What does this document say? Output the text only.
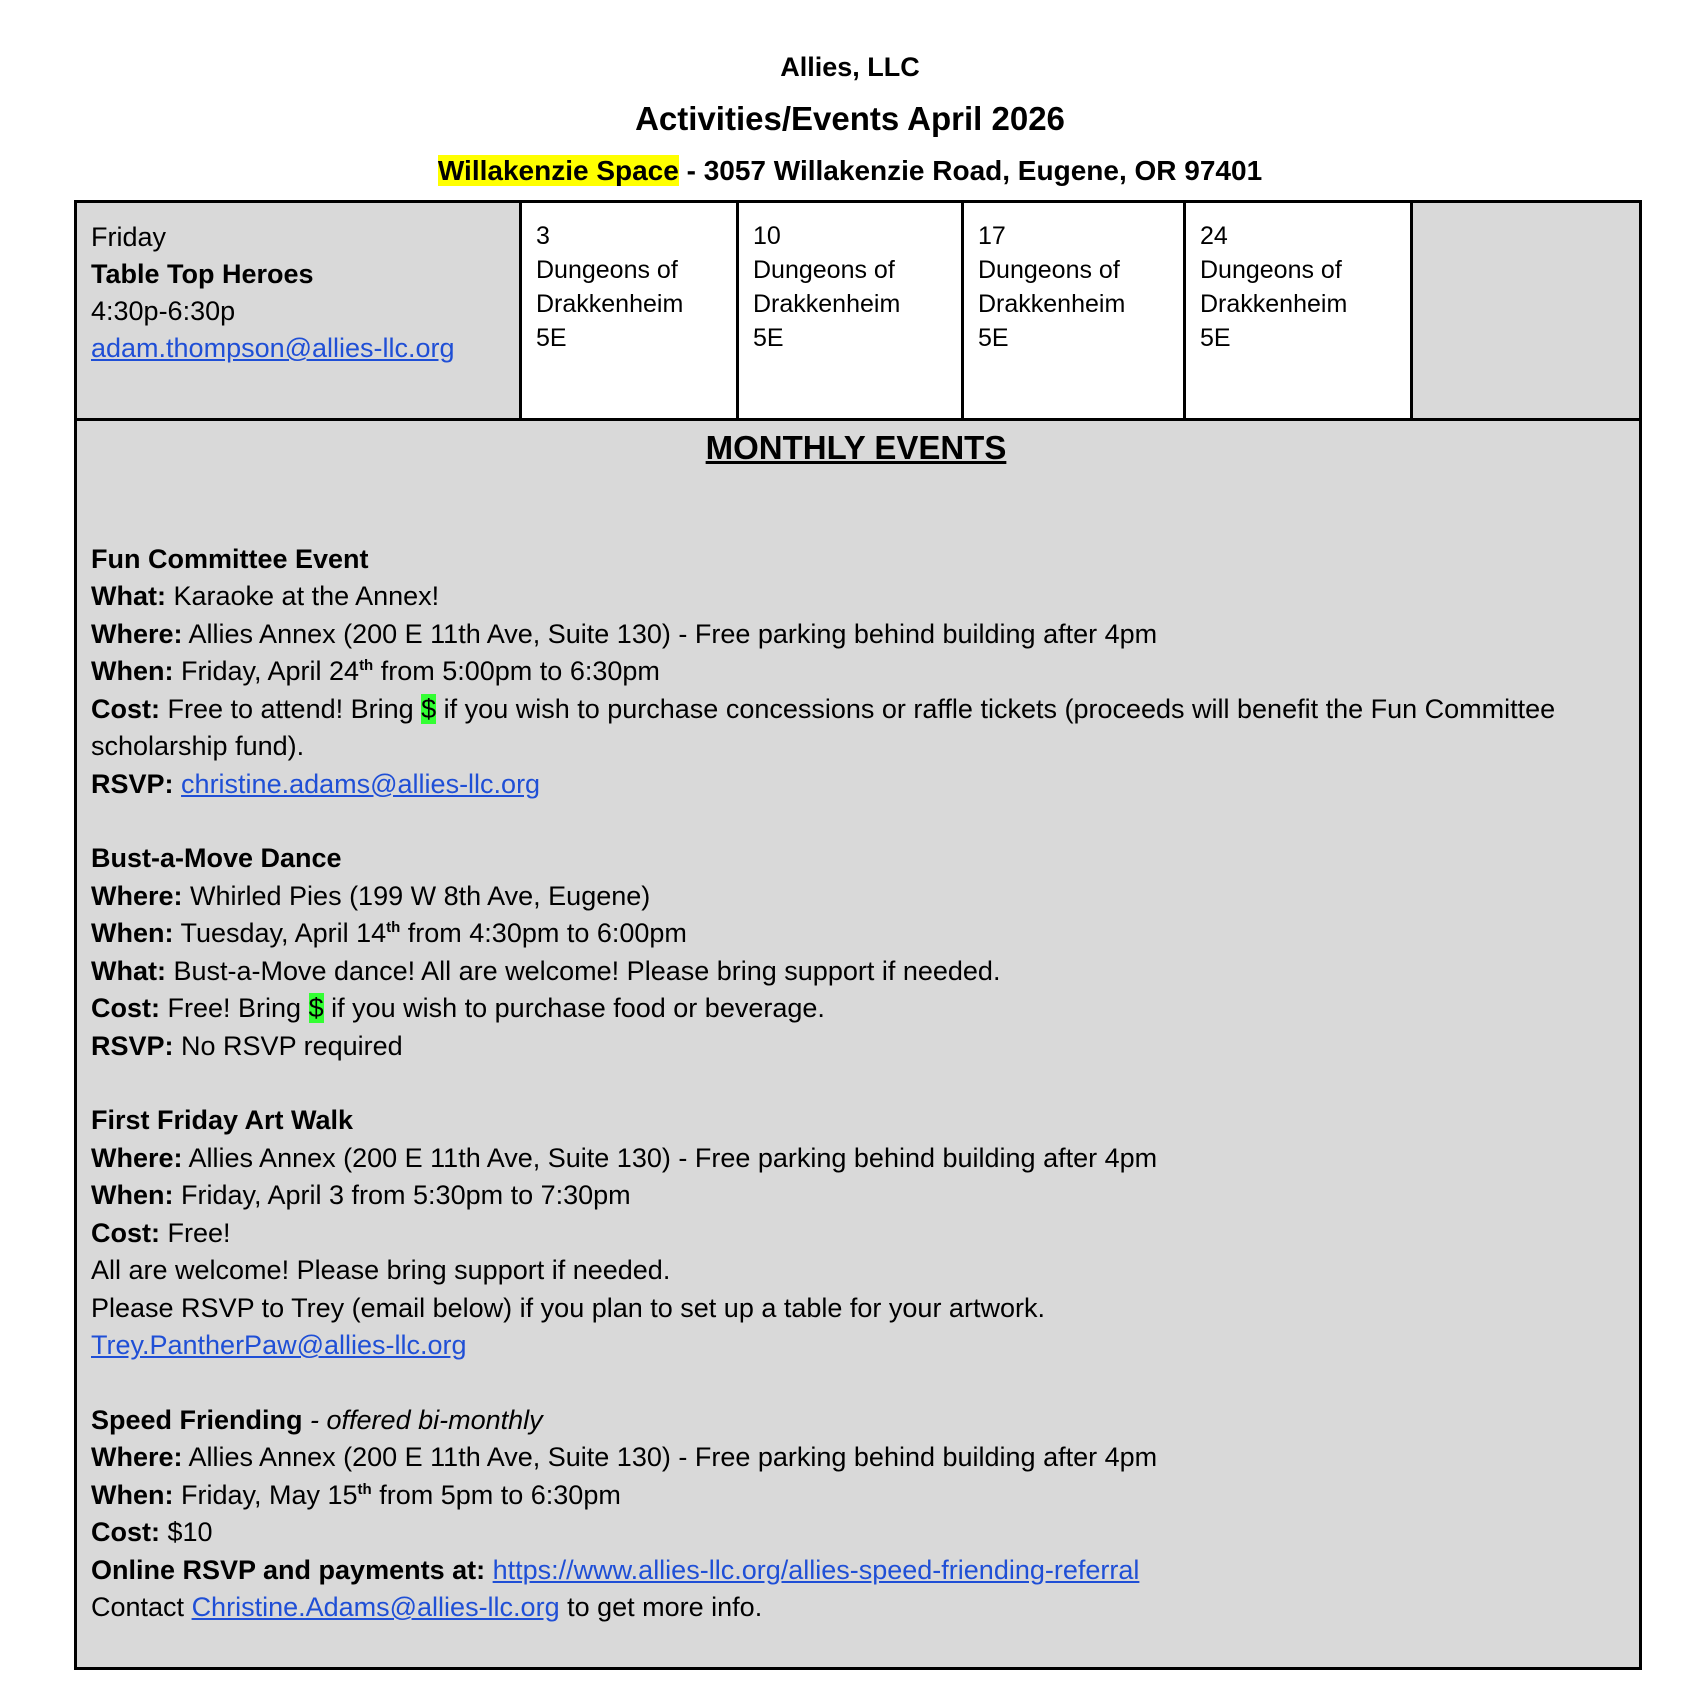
Allies, LLC
Activities/Events April 2026
Willakenzie Space - 3057 Willakenzie Road, Eugene, OR 97401
Friday
Table Top Heroes
4:30p-6:30p
adam.thompson@allies-llc.org

3
Dungeons of
Drakkenheim
5E

10
Dungeons of
Drakkenheim
5E

17
Dungeons of
Drakkenheim
5E

24
Dungeons of
Drakkenheim
5E

MONTHLY EVENTS
Fun Committee Event
What: Karaoke at the Annex!
Where: Allies Annex (200 E 11th Ave, Suite 130) - Free parking behind building after 4pm
When: Friday, April 24th from 5:00pm to 6:30pm
Cost: Free to attend! Bring $ if you wish to purchase concessions or raffle tickets (proceeds will benefit the Fun Committee scholarship fund).
RSVP: christine.adams@allies-llc.org
Bust-a-Move Dance
Where: Whirled Pies (199 W 8th Ave, Eugene)
When: Tuesday, April 14th from 4:30pm to 6:00pm
What: Bust-a-Move dance! All are welcome! Please bring support if needed.
Cost: Free! Bring $ if you wish to purchase food or beverage.
RSVP: No RSVP required
First Friday Art Walk
Where: Allies Annex (200 E 11th Ave, Suite 130) - Free parking behind building after 4pm
When: Friday, April 3 from 5:30pm to 7:30pm
Cost: Free!
All are welcome! Please bring support if needed.
Please RSVP to Trey (email below) if you plan to set up a table for your artwork.
Trey.PantherPaw@allies-llc.org
Speed Friending - offered bi-monthly
Where: Allies Annex (200 E 11th Ave, Suite 130) - Free parking behind building after 4pm
When: Friday, May 15th from 5pm to 6:30pm
Cost: $10
Online RSVP and payments at: https://www.allies-llc.org/allies-speed-friending-referral
Contact Christine.Adams@allies-llc.org to get more info.
